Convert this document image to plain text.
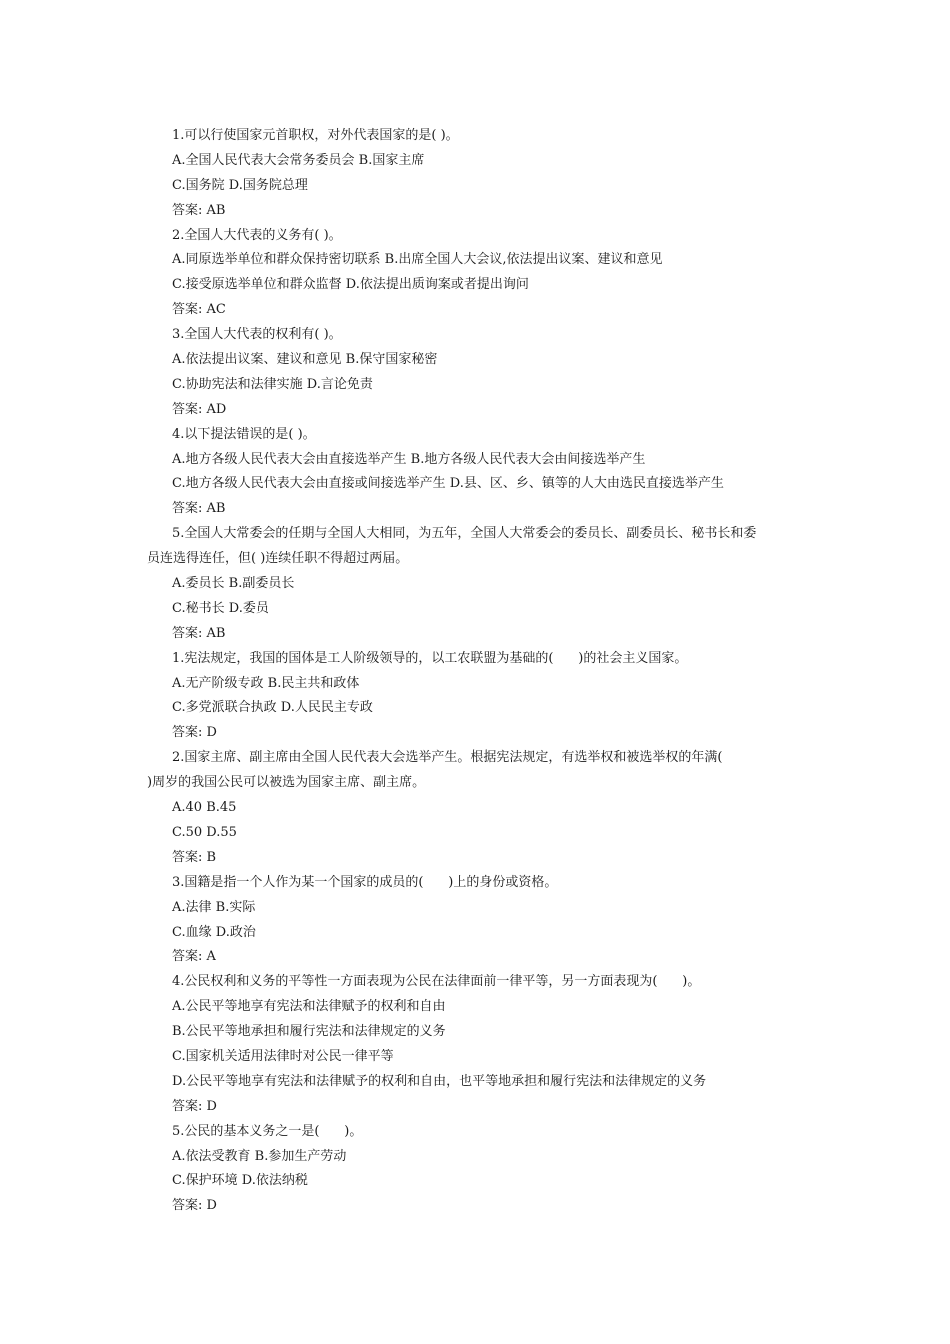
1.可以行使国家元首职权，对外代表国家的是( )。
A.全国人民代表大会常务委员会 B.国家主席
C.国务院 D.国务院总理
答案: AB
2.全国人大代表的义务有( )。
A.同原选举单位和群众保持密切联系 B.出席全国人大会议,依法提出议案、建议和意见
C.接受原选举单位和群众监督 D.依法提出质询案或者提出询问
答案: AC
3.全国人大代表的权利有( )。
A.依法提出议案、建议和意见 B.保守国家秘密
C.协助宪法和法律实施 D.言论免责
答案: AD
4.以下提法错误的是( )。
A.地方各级人民代表大会由直接选举产生 B.地方各级人民代表大会由间接选举产生
C.地方各级人民代表大会由直接或间接选举产生 D.县、区、乡、镇等的人大由选民直接选举产生
答案: AB
5.全国人大常委会的任期与全国人大相同，为五年，全国人大常委会的委员长、副委员长、秘书长和委
员连选得连任，但( )连续任职不得超过两届。
A.委员长 B.副委员长
C.秘书长 D.委员
答案: AB
1.宪法规定，我国的国体是工人阶级领导的，以工农联盟为基础的(      )的社会主义国家。
A.无产阶级专政 B.民主共和政体
C.多党派联合执政 D.人民民主专政
答案: D
2.国家主席、副主席由全国人民代表大会选举产生。根据宪法规定，有选举权和被选举权的年满(
)周岁的我国公民可以被选为国家主席、副主席。
A.40 B.45
C.50 D.55
答案: B
3.国籍是指一个人作为某一个国家的成员的(      )上的身份或资格。
A.法律 B.实际
C.血缘 D.政治
答案: A
4.公民权利和义务的平等性一方面表现为公民在法律面前一律平等，另一方面表现为(      )。
A.公民平等地享有宪法和法律赋予的权利和自由
B.公民平等地承担和履行宪法和法律规定的义务
C.国家机关适用法律时对公民一律平等
D.公民平等地享有宪法和法律赋予的权利和自由，也平等地承担和履行宪法和法律规定的义务
答案: D
5.公民的基本义务之一是(      )。
A.依法受教育 B.参加生产劳动
C.保护环境 D.依法纳税
答案: D
